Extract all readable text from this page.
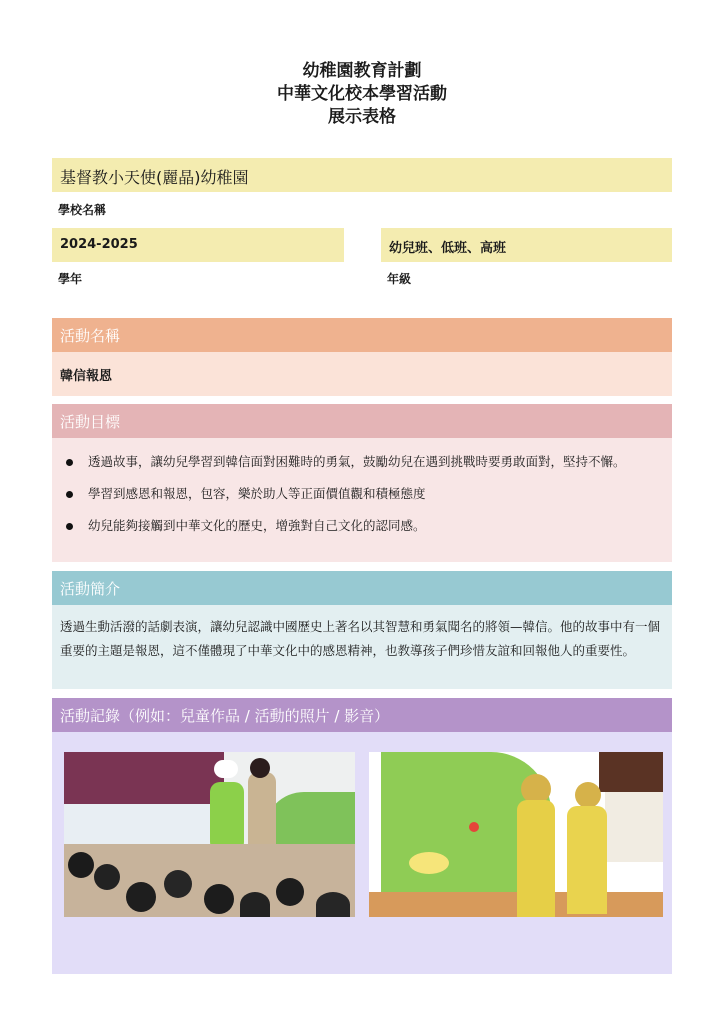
幼稚園教育計劃
中華文化校本學習活動
展示表格
基督教小天使(麗晶)幼稚園
學校名稱
2024-2025
學年
幼兒班、低班、高班
年級
活動名稱
韓信報恩
活動目標
透過故事，讓幼兒學習到韓信面對困難時的勇氣，鼓勵幼兒在遇到挑戰時要勇敢面對，堅持不懈。
學習到感恩和報恩，包容，樂於助人等正面價值觀和積極態度
幼兒能夠接觸到中華文化的歷史，增強對自己文化的認同感。
活動簡介
透過生動活潑的話劇表演，讓幼兒認識中國歷史上著名以其智慧和勇氣聞名的將領—韓信。他的故事中有一個重要的主題是報恩，這不僅體現了中華文化中的感恩精神，也教導孩子們珍惜友誼和回報他人的重要性。
活動記錄（例如：兒童作品 / 活動的照片 / 影音）
